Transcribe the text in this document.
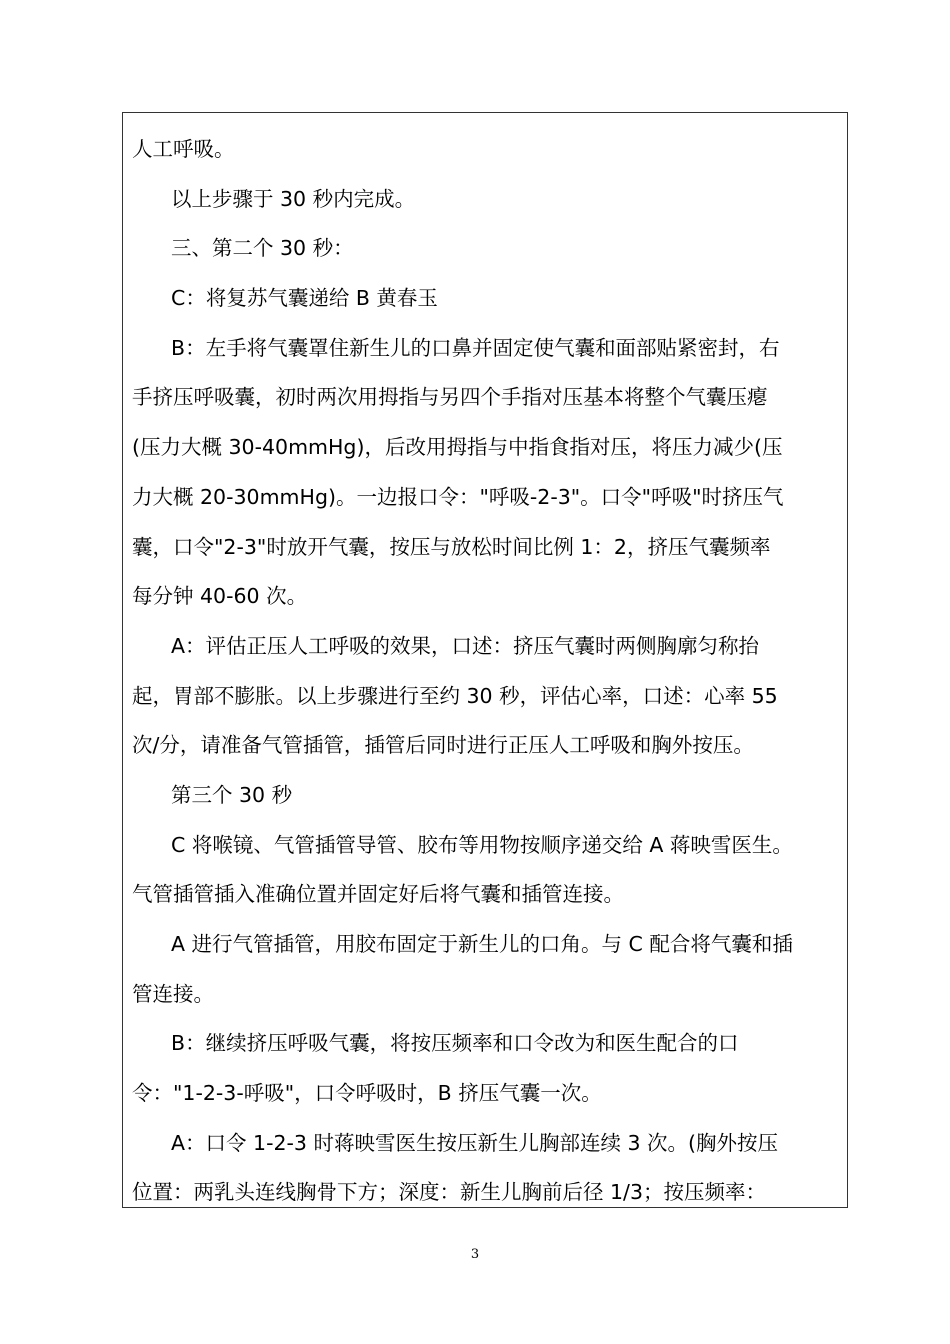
人工呼吸。
以上步骤于 30 秒内完成。
三、第二个 30 秒：
C：将复苏气囊递给 B 黄春玉
B：左手将气囊罩住新生儿的口鼻并固定使气囊和面部贴紧密封，右
手挤压呼吸囊，初时两次用拇指与另四个手指对压基本将整个气囊压瘪
(压力大概 30-40mmHg)，后改用拇指与中指食指对压，将压力减少(压
力大概 20-30mmHg)。一边报口令："呼吸-2-3"。口令"呼吸"时挤压气
囊，口令"2-3"时放开气囊，按压与放松时间比例 1：2，挤压气囊频率
每分钟 40-60 次。
A：评估正压人工呼吸的效果，口述：挤压气囊时两侧胸廓匀称抬
起，胃部不膨胀。以上步骤进行至约 30 秒，评估心率，口述：心率 55
次/分，请准备气管插管，插管后同时进行正压人工呼吸和胸外按压。
第三个 30 秒
C 将喉镜、气管插管导管、胶布等用物按顺序递交给 A 蒋映雪医生。
气管插管插入准确位置并固定好后将气囊和插管连接。
A 进行气管插管，用胶布固定于新生儿的口角。与 C 配合将气囊和插
管连接。
B：继续挤压呼吸气囊，将按压频率和口令改为和医生配合的口
令："1-2-3-呼吸"，口令呼吸时，B 挤压气囊一次。
A：口令 1-2-3 时蒋映雪医生按压新生儿胸部连续 3 次。(胸外按压
位置：两乳头连线胸骨下方；深度：新生儿胸前后径 1/3；按压频率：
3
